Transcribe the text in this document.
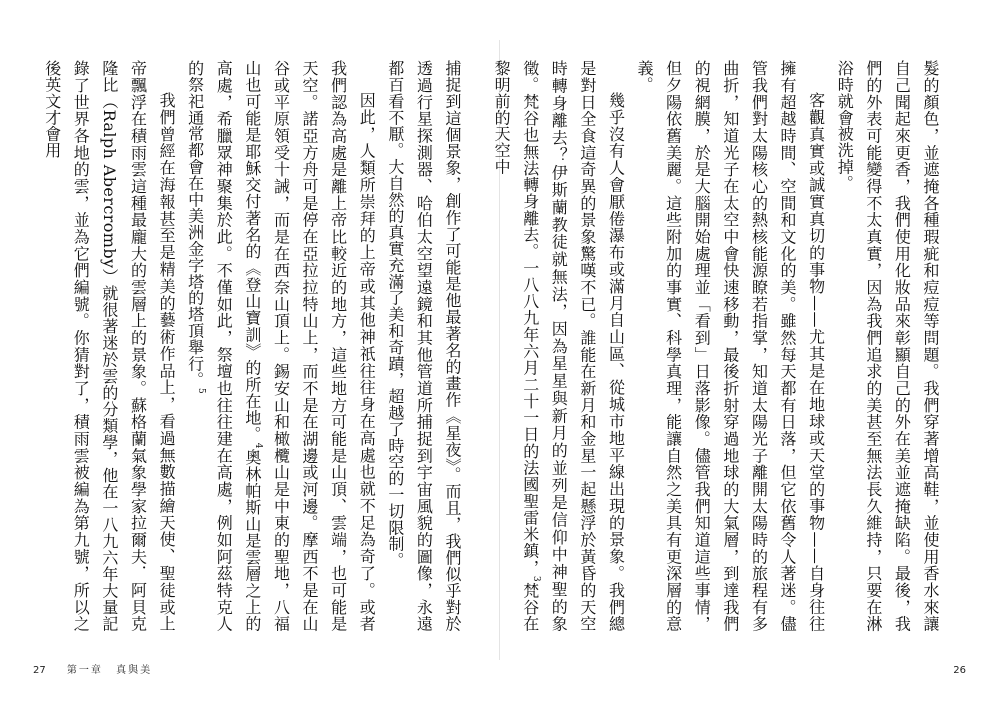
捕捉到這個景象，創作了可能是他最著名的畫作《星夜》。而且，我們似乎對於透過行星探測器、哈伯太空望遠鏡和其他管道所捕捉到宇宙風貌的圖像，永遠都百看不厭。大自然的真實充滿了美和奇蹟，超越了時空的一切限制。

因此，人類所崇拜的上帝或其他神祇往往身在高處也就不足為奇了。或者我們認為高處是離上帝比較近的地方，這些地方可能是山頂、雲端，也可能是天空。諾亞方舟可是停在亞拉拉特山上，而不是在湖邊或河邊。摩西不是在山谷或平原領受十誡，而是在西奈山頂上。錫安山和橄欖山是中東的聖地，八福山也可能是耶穌交付著名的《登山寶訓》的所在地。$^4$奧林帕斯山是雲層之上的高處，希臘眾神聚集於此。不僅如此，祭壇也往往建在高處，例如阿茲特克人的祭祀通常都會在中美洲金字塔的塔頂舉行。$^5$

我們曾經在海報甚至是精美的藝術作品上，看過無數描繪天使、聖徒或上帝飄浮在積雨雲這種最龐大的雲層上的景象。蘇格蘭氣象學家拉爾夫．阿貝克隆比（Ralph Abercromby）就很著迷於雲的分類學，他在一八九六年大量記錄了世界各地的雲，並為它們編號。你猜對了，積雨雲被編為第九號，所以之後英文才會用

27 第一章 真與美

髮的顏色，並遮掩各種瑕疵和痘痘等問題。我們穿著增高鞋，並使用香水來讓自己聞起來更香，我們使用化妝品來彰顯自己的外在美並遮掩缺陷。最後，我們的外表可能變得不太真實，因為我們追求的美甚至無法長久維持，只要在淋浴時就會被洗掉。

客觀真實或誠實真切的事物——尤其是在地球或天堂的事物——自身往往擁有超越時間、空間和文化的美。雖然每天都有日落，但它依舊令人著迷。儘管我們對太陽核心的熱核能源瞭若指掌，知道太陽光子離開太陽時的旅程有多曲折，知道光子在太空中會快速移動，最後折射穿過地球的大氣層，到達我們的視網膜，於是大腦開始處理並「看到」日落影像。儘管我們知道這些事情，但夕陽依舊美麗。這些附加的事實、科學真理，能讓自然之美具有更深層的意義。

幾乎沒有人會厭倦瀑布或滿月自山區、從城市地平線出現的景象。我們總是對日全食這奇異的景象驚嘆不已。誰能在新月和金星一起懸浮於黃昏的天空時轉身離去？伊斯蘭教徒就無法，因為星星與新月的並列是信仰中神聖的象徵。梵谷也無法轉身離去。一八八九年六月二十一日的法國聖雷米鎮，$^3$梵谷在黎明前的天空中

26
